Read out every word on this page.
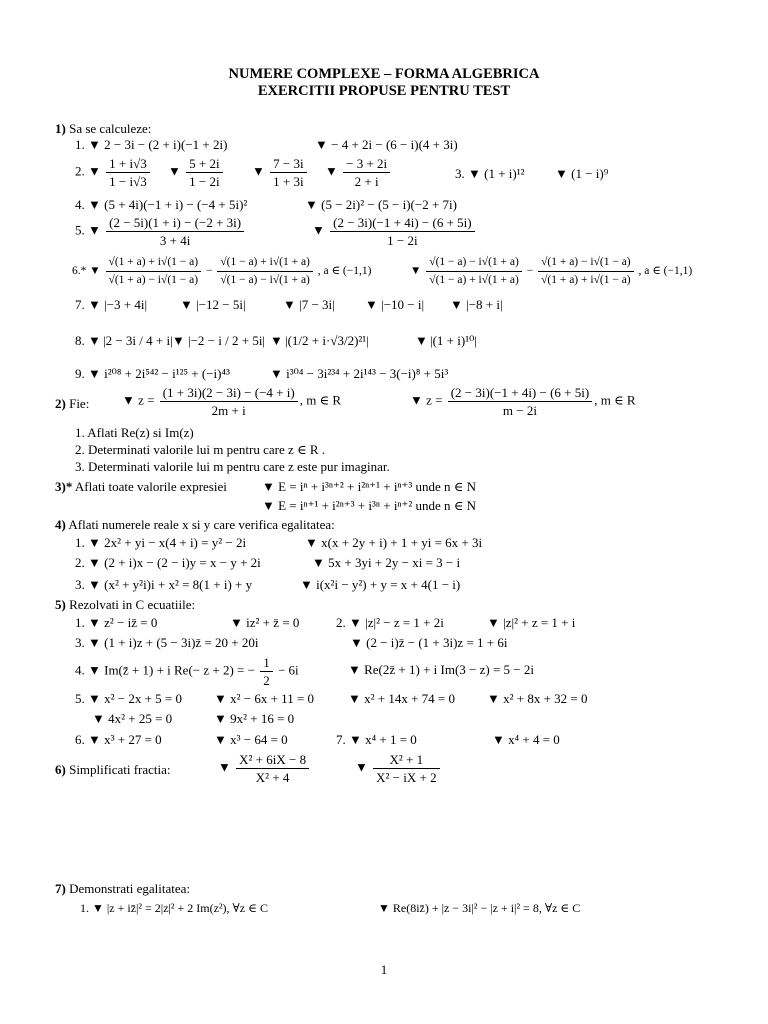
NUMERE COMPLEXE – FORMA ALGEBRICA
EXERCITII PROPUSE PENTRU TEST
1) Sa se calculeze:
1. ▼ 2 − 3i − (2 + i)(−1 + 2i)	▼ − 4 + 2i − (6 − i)(4 + 3i)
2. ▼ $\frac{1 + i√3}{1 - i√3}$ ▼ $\frac{5 + 2i}{1 - 2i}$ ▼ $\frac{7 - 3i}{1 + 3i}$ ▼ $\frac{- 3 + 2i}{2 + i}$	3. ▼ (1 + i)¹² ▼ (1 − i)⁹
4. ▼ (5 + 4i)(−1 + i) − (−4 + 5i)²	▼ (5 − 2i)² − (5 − i)(−2 + 7i)
5. ▼ $\frac{(2 - 5i)(1 + i) - (-2 + 3i)}{3 + 4i}$	▼ $\frac{(2 - 3i)(-1 + 4i) - (6 + 5i)}{1 - 2i}$
6.* ▼ $\frac{√(1 + a) + i√(1 - a)}{√(1 + a) - i√(1 - a)} - \frac{√(1 - a) + i√(1 + a)}{√(1 - a) - i√(1 + a)}$ , a ∈ (−1,1)	▼ $\frac{√(1 - a) - i√(1 + a)}{√(1 - a) + i√(1 + a)} - \frac{√(1 + a) - i√(1 - a)}{√(1 + a) + i√(1 - a)}$ , a ∈ (−1,1)
7. ▼ |−3 + 4i|	▼ |−12 − 5i|	▼ |7 − 3i| ▼ |−10 − i| ▼ |−8 + i|
8. ▼ |2 − 3i / 4 + i| ▼ |−2 − i / 2 + 5i| ▼ |(1/2 + i·√3/2)²¹|	▼ |(1 + i)¹⁰|
9. ▼ i²⁰⁸ + 2i⁵⁴² − i¹²⁵ + (−i)⁴³	▼ i³⁰⁴ − 3i²³⁴ + 2i¹⁴³ − 3(−i)⁸ + 5i³
2) Fie:	▼ $z = \frac{(1 + 3i)(2 - 3i) - (-4 + i)}{2m + i}$ , m ∈ R	▼ $z = \frac{(2 - 3i)(-1 + 4i) - (6 + 5i)}{m - 2i}$ , m ∈ R
1. Aflati Re(z) si Im(z)
2. Determinati valorile lui m pentru care z ∈ R .
3. Determinati valorile lui m pentru care z este pur imaginar.
3)* Aflati toate valorile expresiei	▼ E = iⁿ + i³ⁿ⁺² + i²ⁿ⁺¹ + iⁿ⁺³ unde n ∈ N
▼ E = iⁿ⁺¹ + i²ⁿ⁺³ + i³ⁿ + iⁿ⁺² unde n ∈ N
4) Aflati numerele reale x si y care verifica egalitatea:
1. ▼ 2x² + yi − x(4 + i) = y² − 2i	▼ x(x + 2y + i) + 1 + yi = 6x + 3i
2. ▼ (2 + i)x − (2 − i)y = x − y + 2i	▼ 5x + 3yi + 2y − xi = 3 − i
3. ▼ (x² + y²i)i + x² = 8(1 + i) + y	▼ i(x²i − y²) + y = x + 4(1 − i)
5) Rezolvati in C ecuatiile:
1. ▼ z² − iz̄ = 0	▼ iz² + z̄ = 0	2. ▼ |z|² − z = 1 + 2i	▼ |z|² + z = 1 + i
3. ▼ (1 + i)z + (5 − 3i)z̄ = 20 + 20i	▼ (2 − i)z̄ − (1 + 3i)z = 1 + 6i
4. ▼ Im(z̄ + 1) + i Re(− z + 2) = − $\frac{1}{2} - 6i$	▼ Re(2z̄ + 1) + i Im(3 − z) = 5 − 2i
5. ▼ x² − 2x + 5 = 0 ▼ x² − 6x + 11 = 0	▼ x² + 14x + 74 = 0 ▼ x² + 8x + 32 = 0
▼ 4x² + 25 = 0	▼ 9x² + 16 = 0
6. ▼ x³ + 27 = 0	▼ x³ − 64 = 0	7. ▼ x⁴ + 1 = 0	▼ x⁴ + 4 = 0
6) Simplificati fractia:	▼ $\frac{\text{X² + 6iX − 8}}{\text{X² + 4}}$	▼ $\frac{\text{X² + 1}}{\text{X² − iX + 2}}$
7) Demonstrati egalitatea:
1. ▼ |z + iz̄|² = 2|z|² + 2 Im(z²), ∀z ∈ C	▼ Re(8iz̄) + |z − 3i|² − |z + i|² = 8, ∀z ∈ C
1
